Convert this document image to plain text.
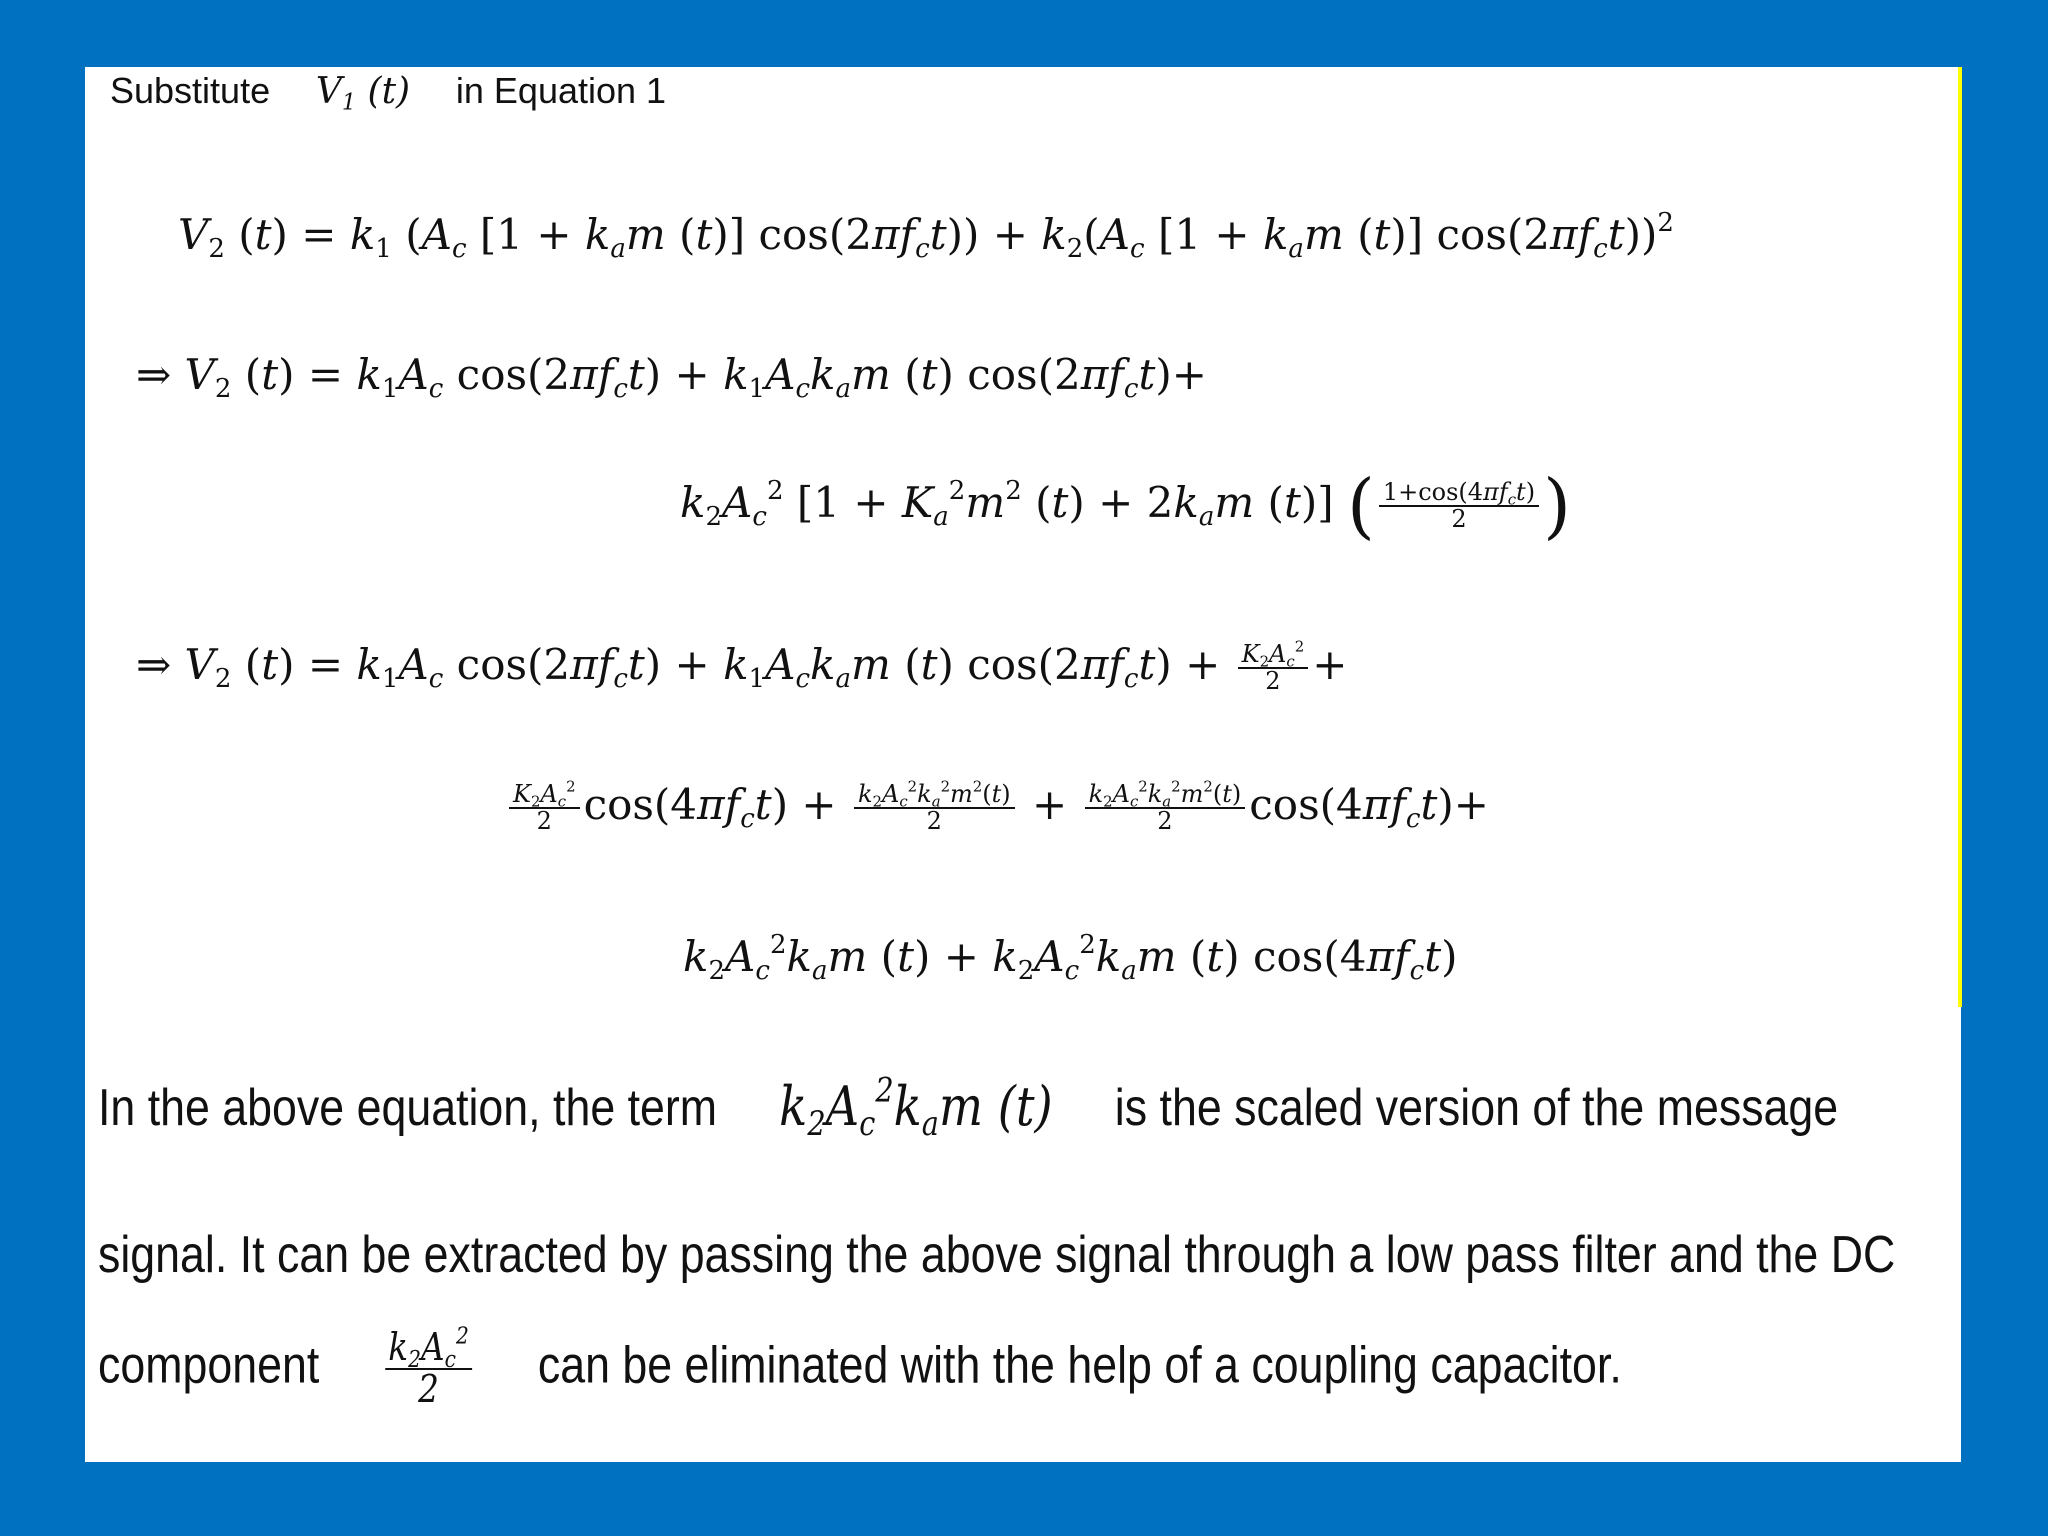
Substitute $V_1$ (t) in Equation 1
$V_2$ $(t) = k_1$ ($A_c$ [$1 + k_am$ (t)] $\cos(2\pi f_ct)) + k_2(A_c$ [$1 + k_am$ (t)] $\cos(2\pi f_ct))^2$
⇒ $V_2$ $(t) = k_1A_c$ $\cos(2\pi f_ct) + k_1A_ck_am$ (t) $\cos(2\pi f_ct)+$
$k_2A_c^2$ [$1 + K_a^2m^2$ $(t) + 2k_am$ (t)] ( $\frac{1+\cos(4\pi f_ct)}{2}$ )
⇒ $V_2$ $(t) = k_1A_c$ $\cos(2\pi f_ct) + k_1A_ck_am$ (t) $\cos(2\pi f_ct) + \frac{K_2A_c^2}{2}$ +
$\frac{K_2A_c^2}{2} \cos(4\pi f_ct) + \frac{k_2A_c^2k_a^2m^2(t)}{2} + \frac{k_2A_c^2k_a^2m^2(t)}{2} \cos(4\pi f_ct)+$
$k_2A_c^2k_am$ $(t) + k_2A_c^2k_am$ (t) $\cos(4\pi f_ct)$
In the above equation, the term $k_2A_c^2k_am$ (t) is the scaled version of the message
signal. It can be extracted by passing the above signal through a low pass filter and the DC
component $\frac{k_2A_c^2}{2}$ can be eliminated with the help of a coupling capacitor.
